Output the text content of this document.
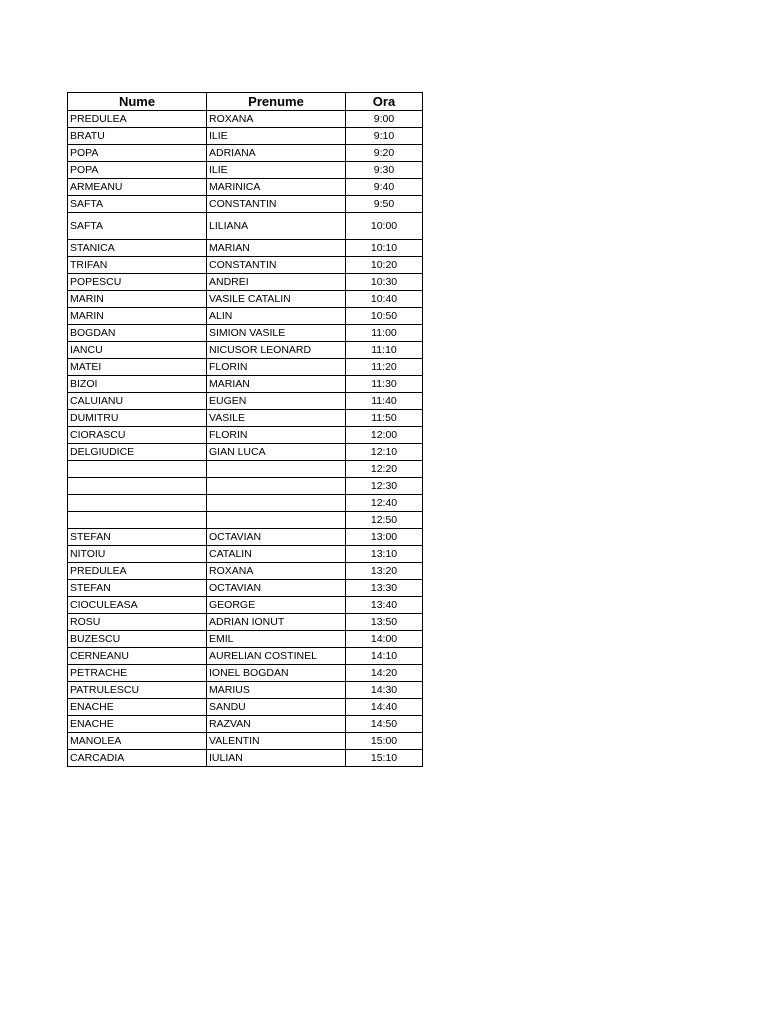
Nume	Prenume	Ora
PREDULEA	ROXANA	9:00
BRATU	ILIE	9:10
POPA	ADRIANA	9:20
POPA	ILIE	9:30
ARMEANU	MARINICA	9:40
SAFTA	CONSTANTIN	9:50
SAFTA	LILIANA	10:00
STANICA	MARIAN	10:10
TRIFAN	CONSTANTIN	10:20
POPESCU	ANDREI	10:30
MARIN	VASILE CATALIN	10:40
MARIN	ALIN	10:50
BOGDAN	SIMION VASILE	11:00
IANCU	NICUSOR LEONARD	11:10
MATEI	FLORIN	11:20
BIZOI	MARIAN	11:30
CALUIANU	EUGEN	11:40
DUMITRU	VASILE	11:50
CIORASCU	FLORIN	12:00
DELGIUDICE	GIAN LUCA	12:10
		12:20
		12:30
		12:40
		12:50
STEFAN	OCTAVIAN	13:00
NITOIU	CATALIN	13:10
PREDULEA	ROXANA	13:20
STEFAN	OCTAVIAN	13:30
CIOCULEASA	GEORGE	13:40
ROSU	ADRIAN IONUT	13:50
BUZESCU	EMIL	14:00
CERNEANU	AURELIAN COSTINEL	14:10
PETRACHE	IONEL BOGDAN	14:20
PATRULESCU	MARIUS	14:30
ENACHE	SANDU	14:40
ENACHE	RAZVAN	14:50
MANOLEA	VALENTIN	15:00
CARCADIA	IULIAN	15:10
